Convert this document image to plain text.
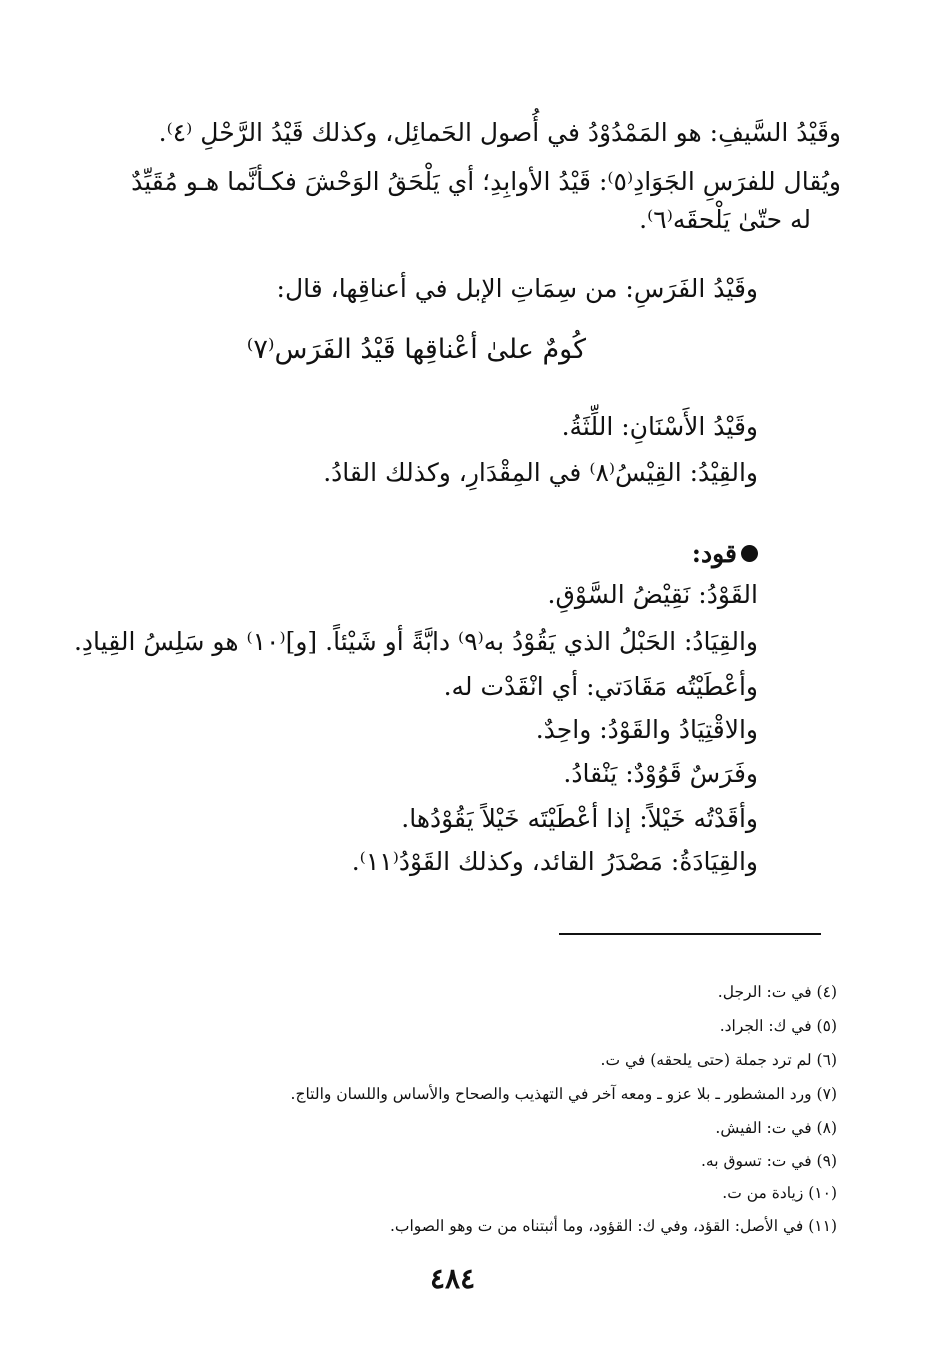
وقَيْدُ السَّيفِ: هو المَمْدُوْدُ في أُصول الحَمائِل، وكذلك قَيْدُ الرَّحْلِ ⁽٤⁾.
ويُقال للفرَسِ الجَوَادِ⁽٥⁾: قَيْدُ الأوابِدِ؛ أي يَلْحَقُ الوَحْشَ فكـأنَّما هـو مُقَيِّدٌ
له حتّىٰ يَلْحقَه⁽٦⁾.
وقَيْدُ الفَرَسِ: من سِمَاتِ الإبل في أعناقِها، قال:
كُومٌ علىٰ أعْناقِها قَيْدُ الفَرَس⁽٧⁾
وقَيْدُ الأَسْنَانِ: اللِّثَةُ.
والقِيْدُ: القِيْسُ⁽٨⁾ في المِقْدَارِ، وكذلك القادُ.
قود:
القَوْدُ: نَقِيْضُ السَّوْقِ.
والقِيَادُ: الحَبْلُ الذي يَقُوْدُ به⁽٩⁾ دابَّةً أو شَيْئاً. [و]⁽١٠⁾ هو سَلِسُ القِيادِ.
وأعْطَيْتُه مَقَادَتي: أي انْقَدْت له.
والاقْتِيَادُ والقَوْدُ: واحِدٌ.
وفَرَسٌ قَوُوْدٌ: يَنْقادُ.
وأقَدْتُه خَيْلاً: إذا أعْطَيْتَه خَيْلاً يَقُوْدُها.
والقِيَادَةُ: مَصْدَرُ القائد، وكذلك القَوْدُ⁽١١⁾.
(٤) في ت: الرجل.
(٥) في ك: الجراد.
(٦) لم ترد جملة (حتى يلحقه) في ت.
(٧) ورد المشطور ـ بلا عزو ـ ومعه آخر في التهذيب والصحاح والأساس واللسان والتاج.
(٨) في ت: الفيش.
(٩) في ت: تسوق به.
(١٠) زيادة من ت.
(١١) في الأصل: القؤد، وفي ك: القؤود، وما أثبتناه من ت وهو الصواب.
٤٨٤
